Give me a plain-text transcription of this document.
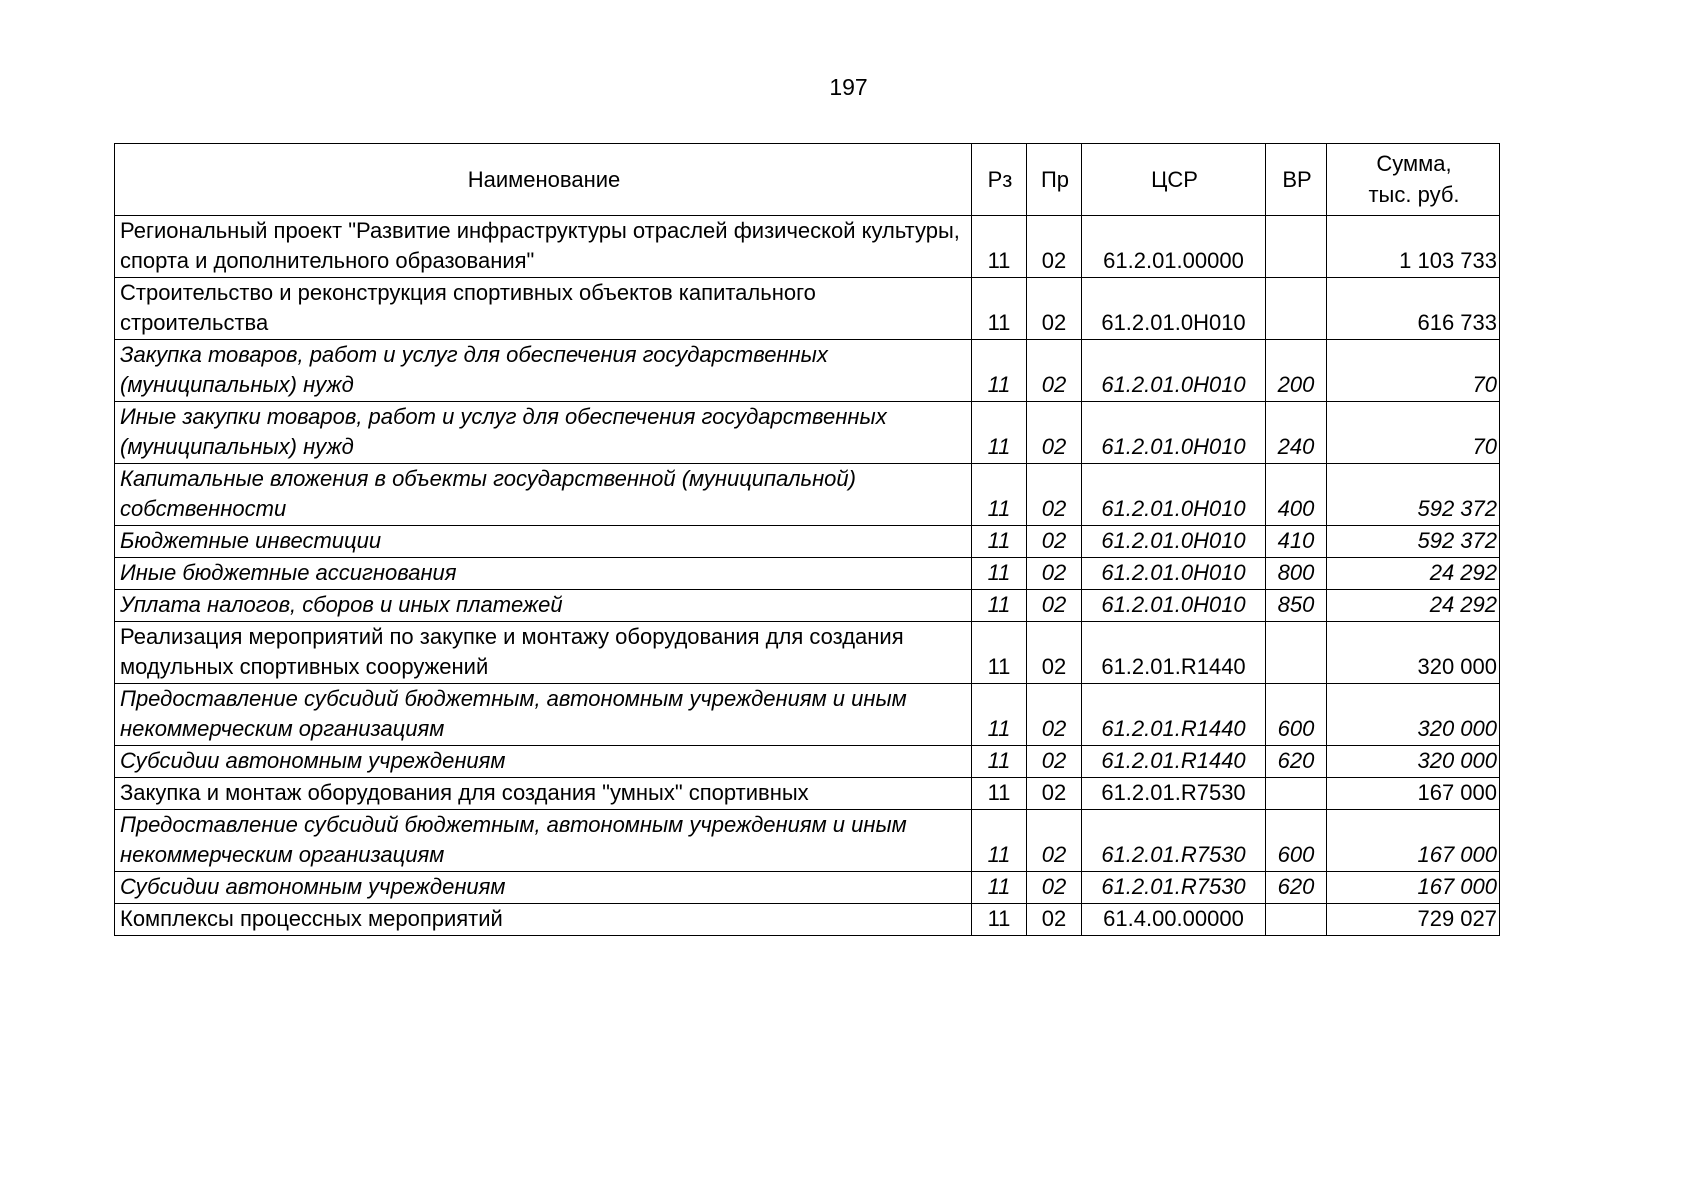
197
Наименование	Рз	Пр	ЦСР	ВР	Сумма,
тыс. руб.
Региональный проект "Развитие инфраструктуры отраслей физической культуры, спорта и дополнительного образования"	11	02	61.2.01.00000		1 103 733
Строительство и реконструкция спортивных объектов капитального строительства	11	02	61.2.01.0Н010		616 733
Закупка товаров, работ и услуг для обеспечения государственных (муниципальных) нужд	11	02	61.2.01.0Н010	200	70
Иные закупки товаров, работ и услуг для обеспечения государственных (муниципальных) нужд	11	02	61.2.01.0Н010	240	70
Капитальные вложения в объекты государственной (муниципальной) собственности	11	02	61.2.01.0Н010	400	592 372
Бюджетные инвестиции	11	02	61.2.01.0Н010	410	592 372
Иные бюджетные ассигнования	11	02	61.2.01.0Н010	800	24 292
Уплата налогов, сборов и иных платежей	11	02	61.2.01.0Н010	850	24 292
Реализация мероприятий по закупке и монтажу оборудования для создания модульных спортивных сооружений	11	02	61.2.01.R1440		320 000
Предоставление субсидий бюджетным, автономным учреждениям и иным некоммерческим организациям	11	02	61.2.01.R1440	600	320 000
Субсидии автономным учреждениям	11	02	61.2.01.R1440	620	320 000
Закупка и монтаж оборудования для создания "умных" спортивных	11	02	61.2.01.R7530		167 000
Предоставление субсидий бюджетным, автономным учреждениям и иным некоммерческим организациям	11	02	61.2.01.R7530	600	167 000
Субсидии автономным учреждениям	11	02	61.2.01.R7530	620	167 000
Комплексы процессных мероприятий	11	02	61.4.00.00000		729 027
